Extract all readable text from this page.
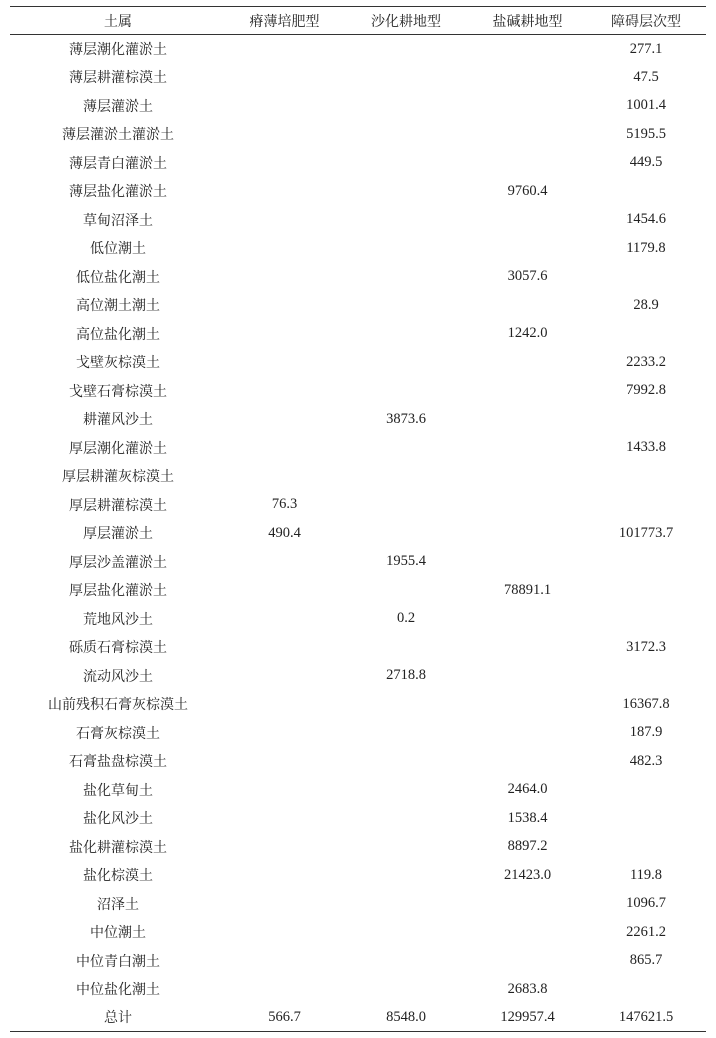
土属	瘠薄培肥型	沙化耕地型	盐碱耕地型	障碍层次型
薄层潮化灌淤土				277.1
薄层耕灌棕漠土				47.5
薄层灌淤土				1001.4
薄层灌淤土灌淤土				5195.5
薄层青白灌淤土				449.5
薄层盐化灌淤土			9760.4	
草甸沼泽土				1454.6
低位潮土				1179.8
低位盐化潮土			3057.6	
高位潮土潮土				28.9
高位盐化潮土			1242.0	
戈壁灰棕漠土				2233.2
戈壁石膏棕漠土				7992.8
耕灌风沙土		3873.6		
厚层潮化灌淤土				1433.8
厚层耕灌灰棕漠土				
厚层耕灌棕漠土	76.3			
厚层灌淤土	490.4			101773.7
厚层沙盖灌淤土		1955.4		
厚层盐化灌淤土			78891.1	
荒地风沙土		0.2		
砾质石膏棕漠土				3172.3
流动风沙土		2718.8		
山前残积石膏灰棕漠土				16367.8
石膏灰棕漠土				187.9
石膏盐盘棕漠土				482.3
盐化草甸土			2464.0	
盐化风沙土			1538.4	
盐化耕灌棕漠土			8897.2	
盐化棕漠土			21423.0	119.8
沼泽土				1096.7
中位潮土				2261.2
中位青白潮土				865.7
中位盐化潮土			2683.8	
总计	566.7	8548.0	129957.4	147621.5
